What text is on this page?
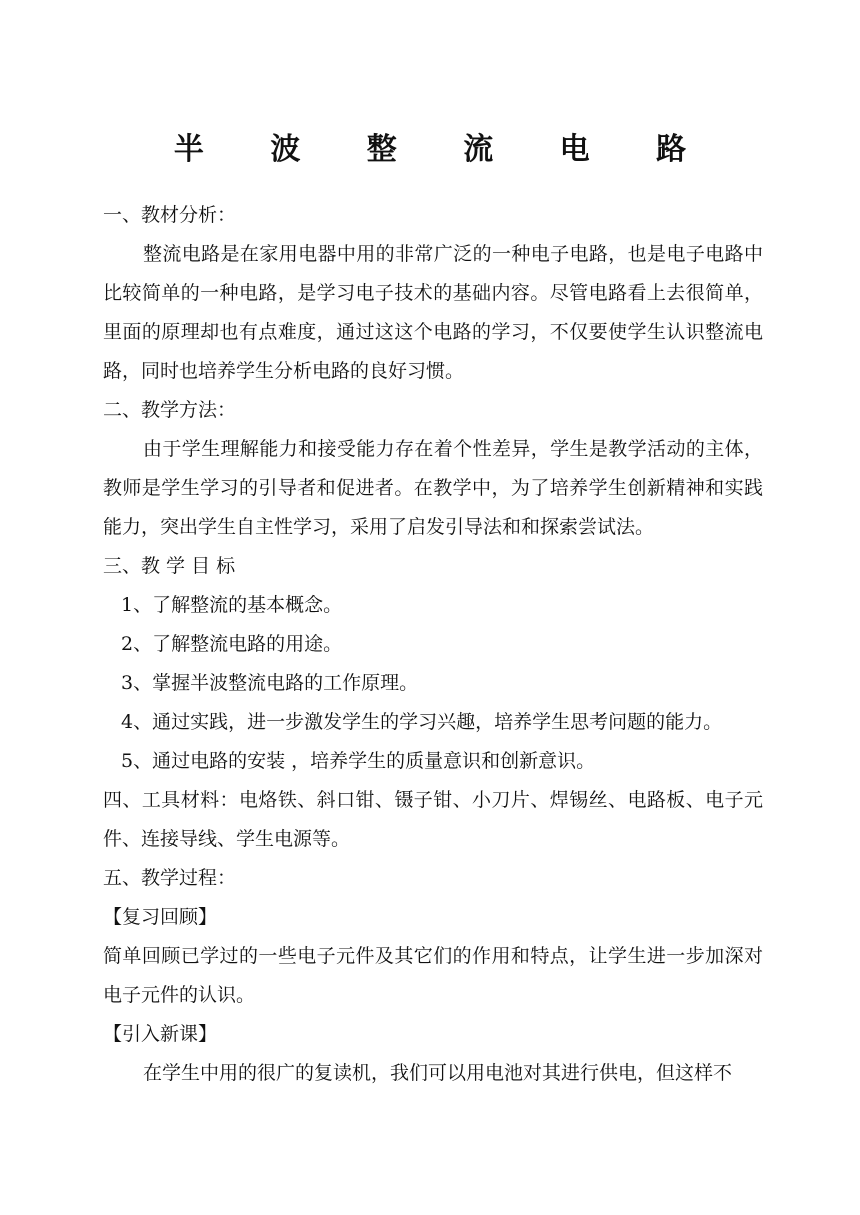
半 波 整 流 电 路

一、教材分析：

整流电路是在家用电器中用的非常广泛的一种电子电路，也是电子电路中比较简单的一种电路，是学习电子技术的基础内容。尽管电路看上去很简单，里面的原理却也有点难度，通过这这个电路的学习，不仅要使学生认识整流电路，同时也培养学生分析电路的良好习惯。

二、教学方法：

由于学生理解能力和接受能力存在着个性差异，学生是教学活动的主体，教师是学生学习的引导者和促进者。在教学中，为了培养学生创新精神和实践能力，突出学生自主性学习，采用了启发引导法和和探索尝试法。

三、教 学 目 标

1、了解整流的基本概念。

2、了解整流电路的用途。

3、掌握半波整流电路的工作原理。

4、通过实践，进一步激发学生的学习兴趣，培养学生思考问题的能力。

5、通过电路的安装 ，培养学生的质量意识和创新意识。

四、工具材料：电烙铁、斜口钳、镊子钳、小刀片、焊锡丝、电路板、电子元件、连接导线、学生电源等。

五、教学过程：

【复习回顾】

简单回顾已学过的一些电子元件及其它们的作用和特点，让学生进一步加深对电子元件的认识。

【引入新课】

在学生中用的很广的复读机，我们可以用电池对其进行供电，但这样不
